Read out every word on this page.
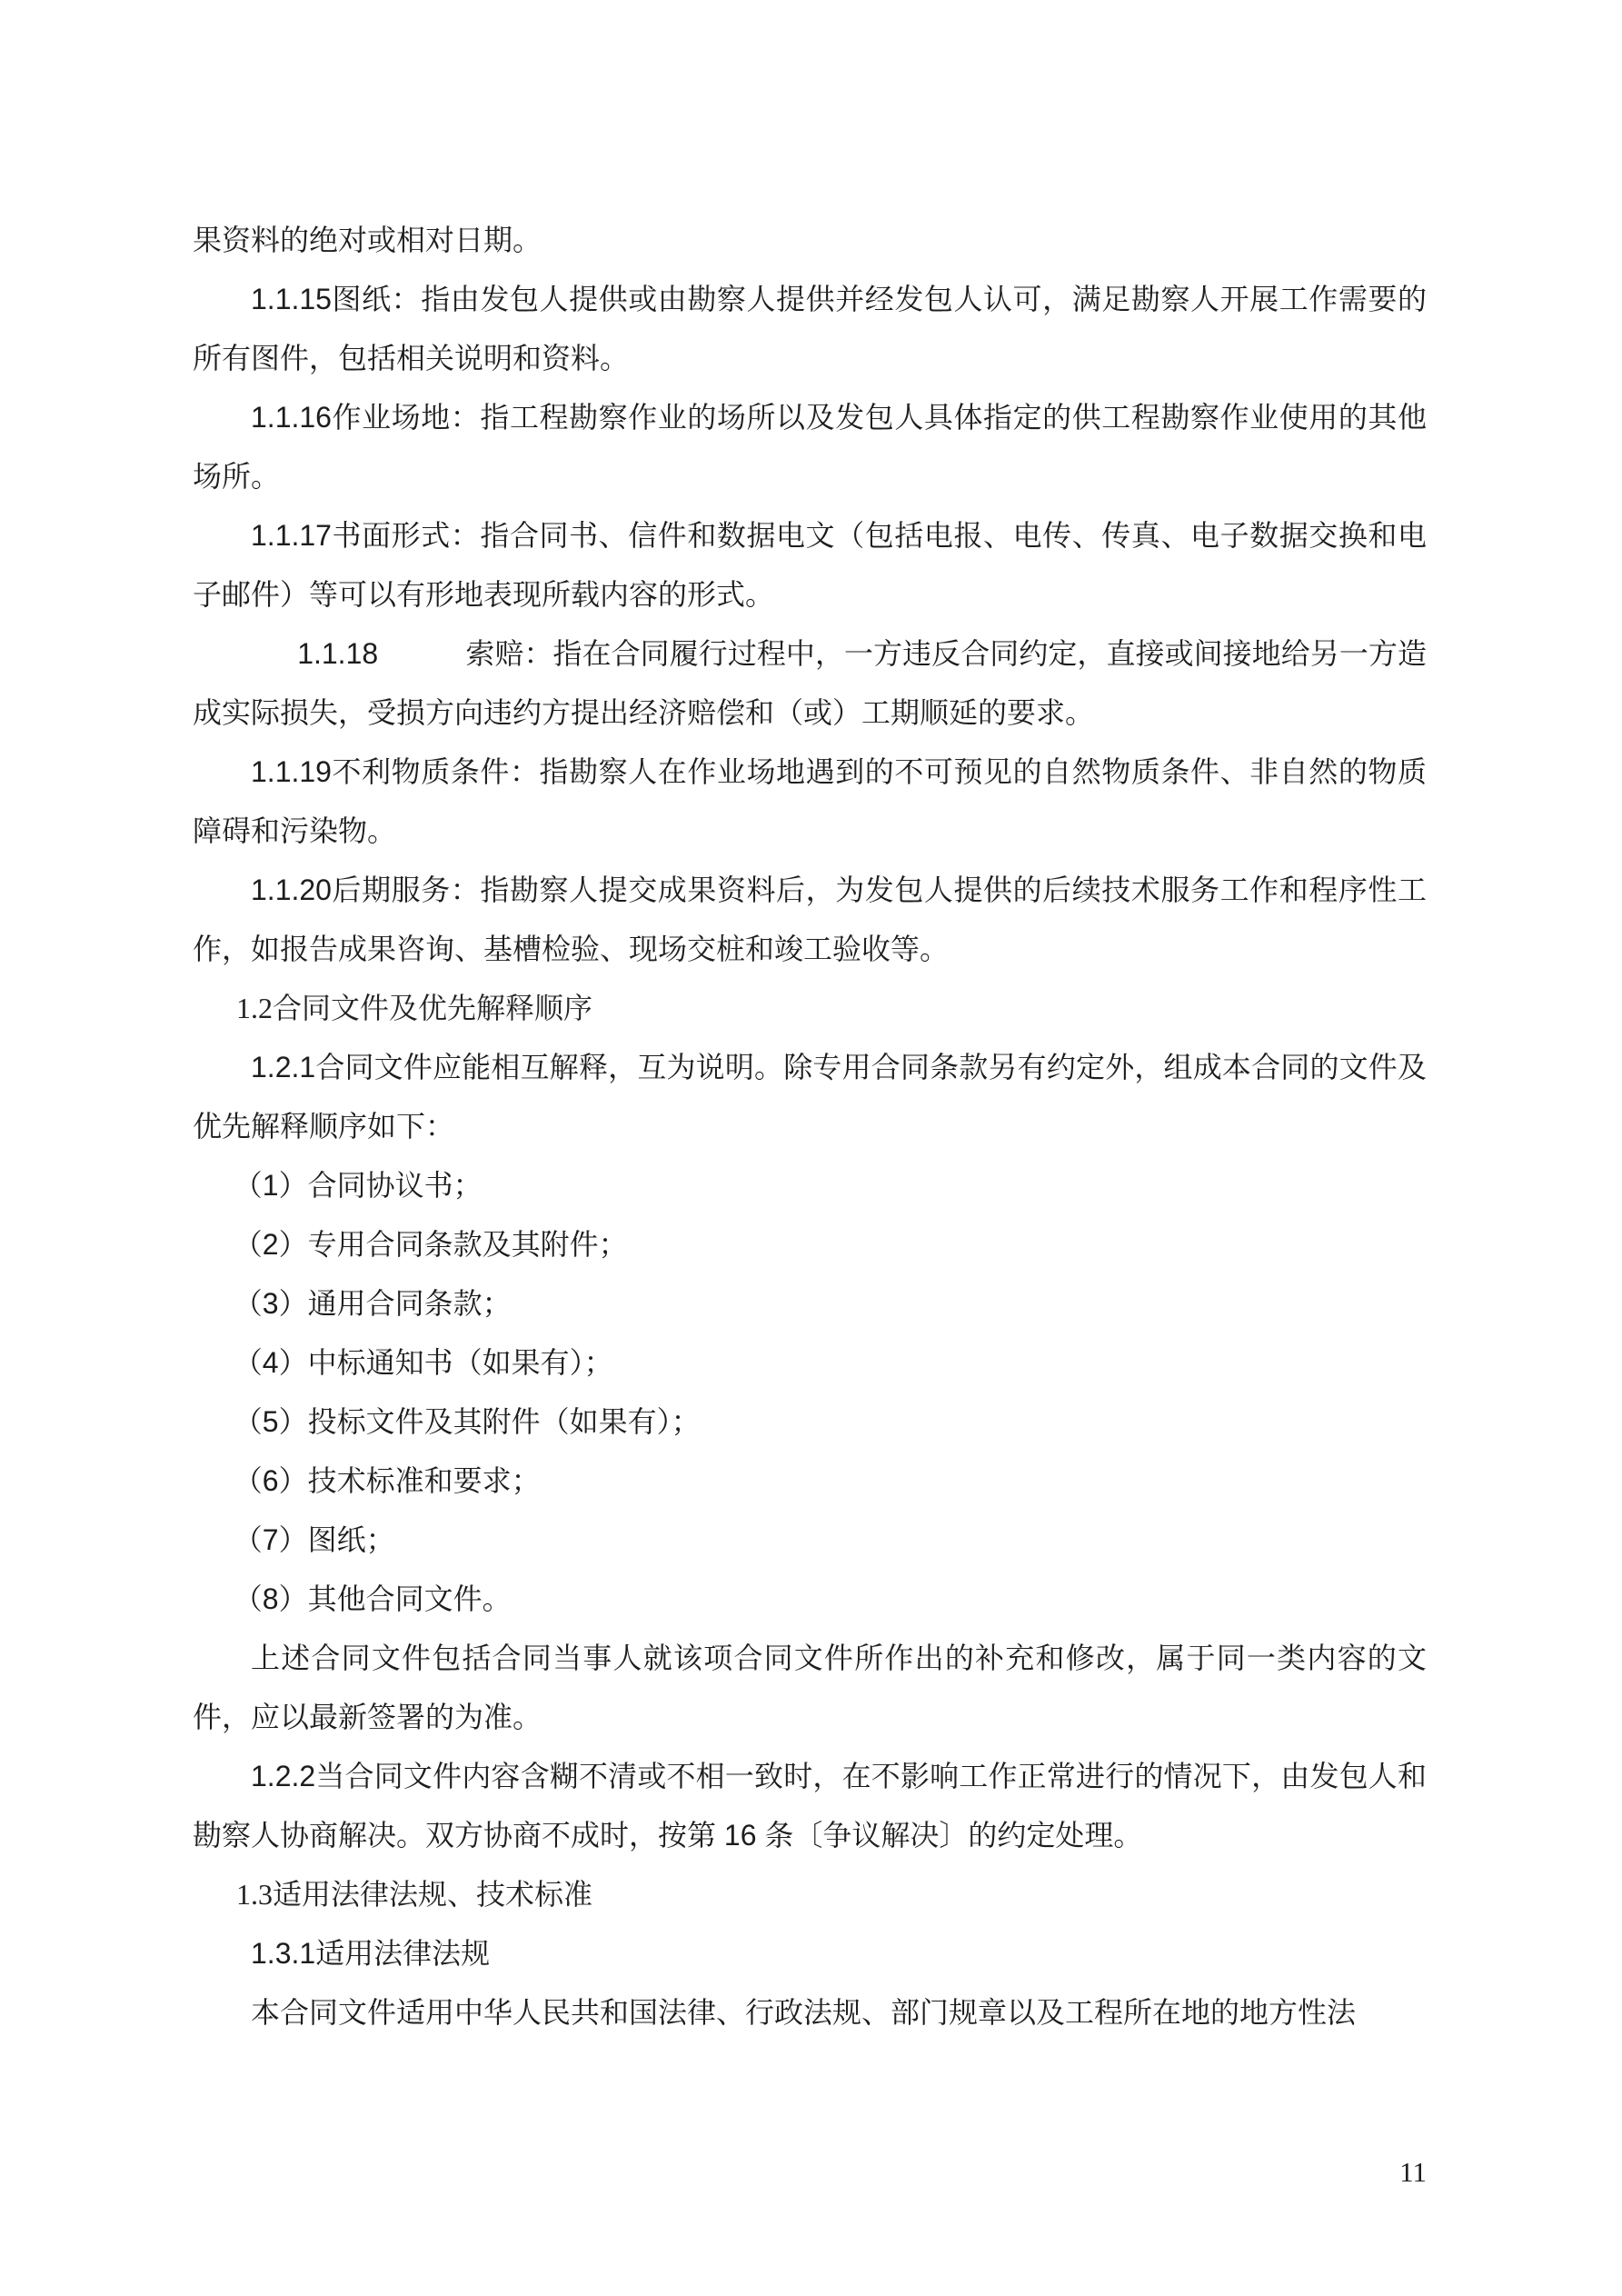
果资料的绝对或相对日期。

1.1.15图纸：指由发包人提供或由勘察人提供并经发包人认可，满足勘察人开展工作需要的所有图件，包括相关说明和资料。

1.1.16作业场地：指工程勘察作业的场所以及发包人具体指定的供工程勘察作业使用的其他场所。

1.1.17书面形式：指合同书、信件和数据电文（包括电报、电传、传真、电子数据交换和电子邮件）等可以有形地表现所载内容的形式。

1.1.18　　　索赔：指在合同履行过程中，一方违反合同约定，直接或间接地给另一方造成实际损失，受损方向违约方提出经济赔偿和（或）工期顺延的要求。

1.1.19不利物质条件：指勘察人在作业场地遇到的不可预见的自然物质条件、非自然的物质障碍和污染物。

1.1.20后期服务：指勘察人提交成果资料后，为发包人提供的后续技术服务工作和程序性工作，如报告成果咨询、基槽检验、现场交桩和竣工验收等。

1.2合同文件及优先解释顺序

1.2.1合同文件应能相互解释，互为说明。除专用合同条款另有约定外，组成本合同的文件及优先解释顺序如下：

（1）合同协议书；

（2）专用合同条款及其附件；

（3）通用合同条款；

（4）中标通知书（如果有）；

（5）投标文件及其附件（如果有）；

（6）技术标准和要求；

（7）图纸；

（8）其他合同文件。

上述合同文件包括合同当事人就该项合同文件所作出的补充和修改，属于同一类内容的文件，应以最新签署的为准。

1.2.2当合同文件内容含糊不清或不相一致时，在不影响工作正常进行的情况下，由发包人和勘察人协商解决。双方协商不成时，按第 16 条〔争议解决〕的约定处理。

1.3适用法律法规、技术标准

1.3.1适用法律法规

本合同文件适用中华人民共和国法律、行政法规、部门规章以及工程所在地的地方性法

11
